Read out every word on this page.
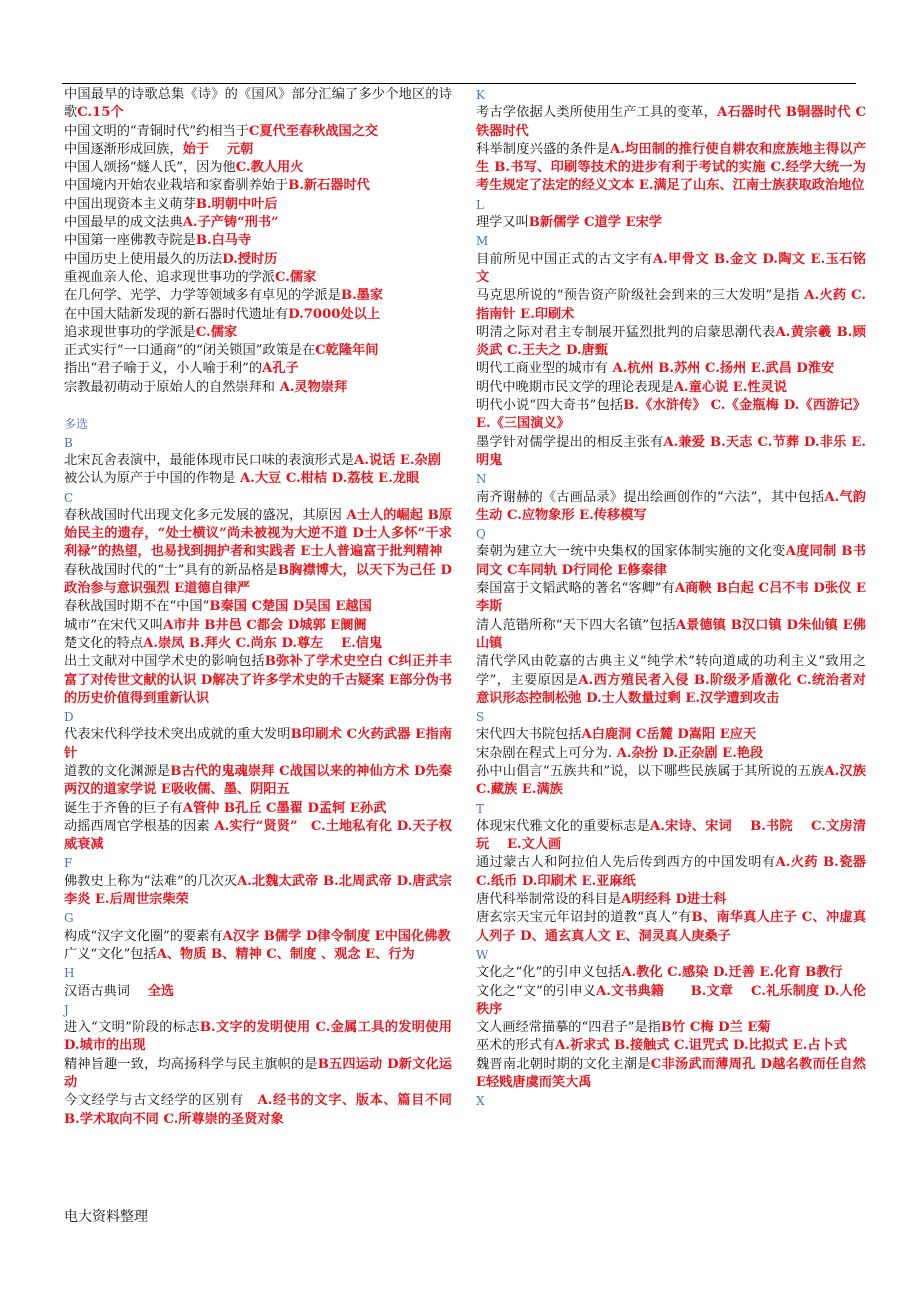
中国最早的诗歌总集《诗》的《国风》部分汇编了多少个地区的诗歌C.15个

中国文明的“青铜时代”约相当于C夏代至春秋战国之交

中国逐渐形成回族，始于　 元朝

中国人颂扬“燧人氏”，因为他C.教人用火

中国境内开始农业栽培和家畜驯养始于B.新石器时代

中国出现资本主义萌芽B.明朝中叶后

中国最早的成文法典A.子产铸“刑书”

中国第一座佛教寺院是B.白马寺

中国历史上使用最久的历法D.授时历

重视血亲人伦、追求现世事功的学派C.儒家

在几何学、光学、力学等领域多有卓见的学派是B.墨家

在中国大陆新发现的新石器时代遗址有D.7000处以上

追求现世事功的学派是C.儒家

正式实行“一口通商”的“闭关锁国”政策是在C乾隆年间

指出“君子喻于义，小人喻于利”的A孔子

宗教最初萌动于原始人的自然崇拜和 A.灵物崇拜

多选
B

北宋瓦舍表演中，最能体现市民口味的表演形式是A.说话 E.杂剧

被公认为原产于中国的作物是 A.大豆 C.柑桔 D.荔枝 E.龙眼

C

春秋战国时代出现文化多元发展的盛况，其原因 A士人的崛起 B原始民主的遗存，“处士横议”尚未被视为大逆不道 D士人多怀“干求利禄”的热望，也易找到拥护者和实践者 E士人普遍富于批判精神

春秋战国时代的“士”具有的新品格是B胸襟博大，以天下为己任 D政治参与意识强烈 E道德自律严

春秋战国时期不在“中国”B秦国 C楚国 D吴国 E越国

城市”在宋代又叫A市井 B井邑 C都会 D城郭 E阛阓

楚文化的特点A.崇凤 B.拜火 C.尚东 D.尊左　 E.信鬼

出土文献对中国学术史的影响包括B弥补了学术史空白 C纠正并丰富了对传世文献的认识 D解决了许多学术史的千古疑案 E部分伪书的历史价值得到重新认识

D

代表宋代科学技术突出成就的重大发明B印刷术 C火药武器 E指南针

道教的文化渊源是B古代的鬼魂崇拜 C战国以来的神仙方术 D先秦两汉的道家学说 E吸收儒、墨、阴阳五

诞生于齐鲁的巨子有A管仲 B孔丘 C墨翟 D孟轲 E孙武

动摇西周官学根基的因素 A.实行“贤贤”　C.土地私有化 D.天子权威衰减

F

佛教史上称为“法难”的几次灭A.北魏太武帝 B.北周武帝 D.唐武宗李炎 E.后周世宗柴荣

G

构成“汉字文化圈”的要素有A汉字 B儒学 D律令制度 E中国化佛教

广义“文化”包括A、物质 B、精神 C、制度 、观念 E、行为

H

汉语古典词　 全选

J

进入“文明”阶段的标志B.文字的发明使用 C.金属工具的发明使用 D.城市的出现

精神旨趣一致，均高扬科学与民主旗帜的是B五四运动 D新文化运动

今文经学与古文经学的区别有　A.经书的文字、版本、篇目不同 B.学术取向不同 C.所尊崇的圣贤对象

K

考古学依据人类所使用生产工具的变革，A石器时代 B铜器时代 C铁器时代

科举制度兴盛的条件是A.均田制的推行使自耕农和庶族地主得以产生 B.书写、印刷等技术的进步有利于考试的实施 C.经学大统一为考生规定了法定的经义文本 E.满足了山东、江南士族获取政治地位

L

理学又叫B新儒学 C道学 E宋学

M

目前所见中国正式的古文字有A.甲骨文 B.金文 D.陶文 E.玉石铭文

马克思所说的“预告资产阶级社会到来的三大发明”是指 A.火药 C.指南针 E.印刷术

明清之际对君主专制展开猛烈批判的启蒙思潮代表A.黄宗羲 B.顾炎武 C.王夫之 D.唐甄

明代工商业型的城市有 A.杭州 B.苏州 C.扬州 E.武昌 D淮安

明代中晚期市民文学的理论表现是A.童心说 E.性灵说

明代小说“四大奇书”包括B.《水浒传》 C.《金瓶梅 D.《西游记》 E.《三国演义》

墨学针对儒学提出的相反主张有A.兼爱 B.天志 C.节葬 D.非乐 E.明鬼

N

南齐谢赫的《古画品录》提出绘画创作的“六法”，其中包括A.气韵生动 C.应物象形 E.传移模写

Q

秦朝为建立大一统中央集权的国家体制实施的文化变A度同制 B书同文 C车同轨 D行同伦 E修秦律

秦国富于文韬武略的著名“客卿”有A商鞅 B白起 C吕不韦 D张仪 E李斯

清人范锴所称“天下四大名镇”包括A景德镇 B汉口镇 D朱仙镇 E佛山镇

清代学风由乾嘉的古典主义“纯学术”转向道咸的功利主义“致用之学”，主要原因是A.西方殖民者入侵 B.阶级矛盾激化 C.统治者对意识形态控制松弛 D.士人数量过剩 E.汉学遭到攻击

S

宋代四大书院包括A白鹿洞 C岳麓 D嵩阳 E应天

宋杂剧在程式上可分为. A.杂扮 D.正杂剧 E.艳段

孙中山倡言“五族共和”说，以下哪些民族属于其所说的五族A.汉族 C.藏族 E.满族

T

体现宋代雅文化的重要标志是A.宋诗、宋词　 B.书院　 C.文房清玩　 E.文人画

通过蒙古人和阿拉伯人先后传到西方的中国发明有A.火药 B.瓷器 C.纸币 D.印刷术 E.亚麻纸

唐代科举制常设的科目是A明经科 D进士科

唐玄宗天宝元年诏封的道教“真人”有B、南华真人庄子 C、冲虚真人列子 D、通玄真人文 E、洞灵真人庚桑子

W

文化之“化”的引申义包括A.教化 C.感染 D.迁善 E.化育 B教行

文化之“文”的引申义A.文书典籍　　B.文章　 C.礼乐制度 D.人伦秩序

文人画经常描摹的“四君子”是指B竹 C梅 D兰 E菊

巫术的形式有A.祈求式 B.接触式 C.诅咒式 D.比拟式 E.占卜式

魏晋南北朝时期的文化主潮是C非汤武而薄周孔 D越名教而任自然 E轻贱唐虞而笑大禹

X
电大资料整理
